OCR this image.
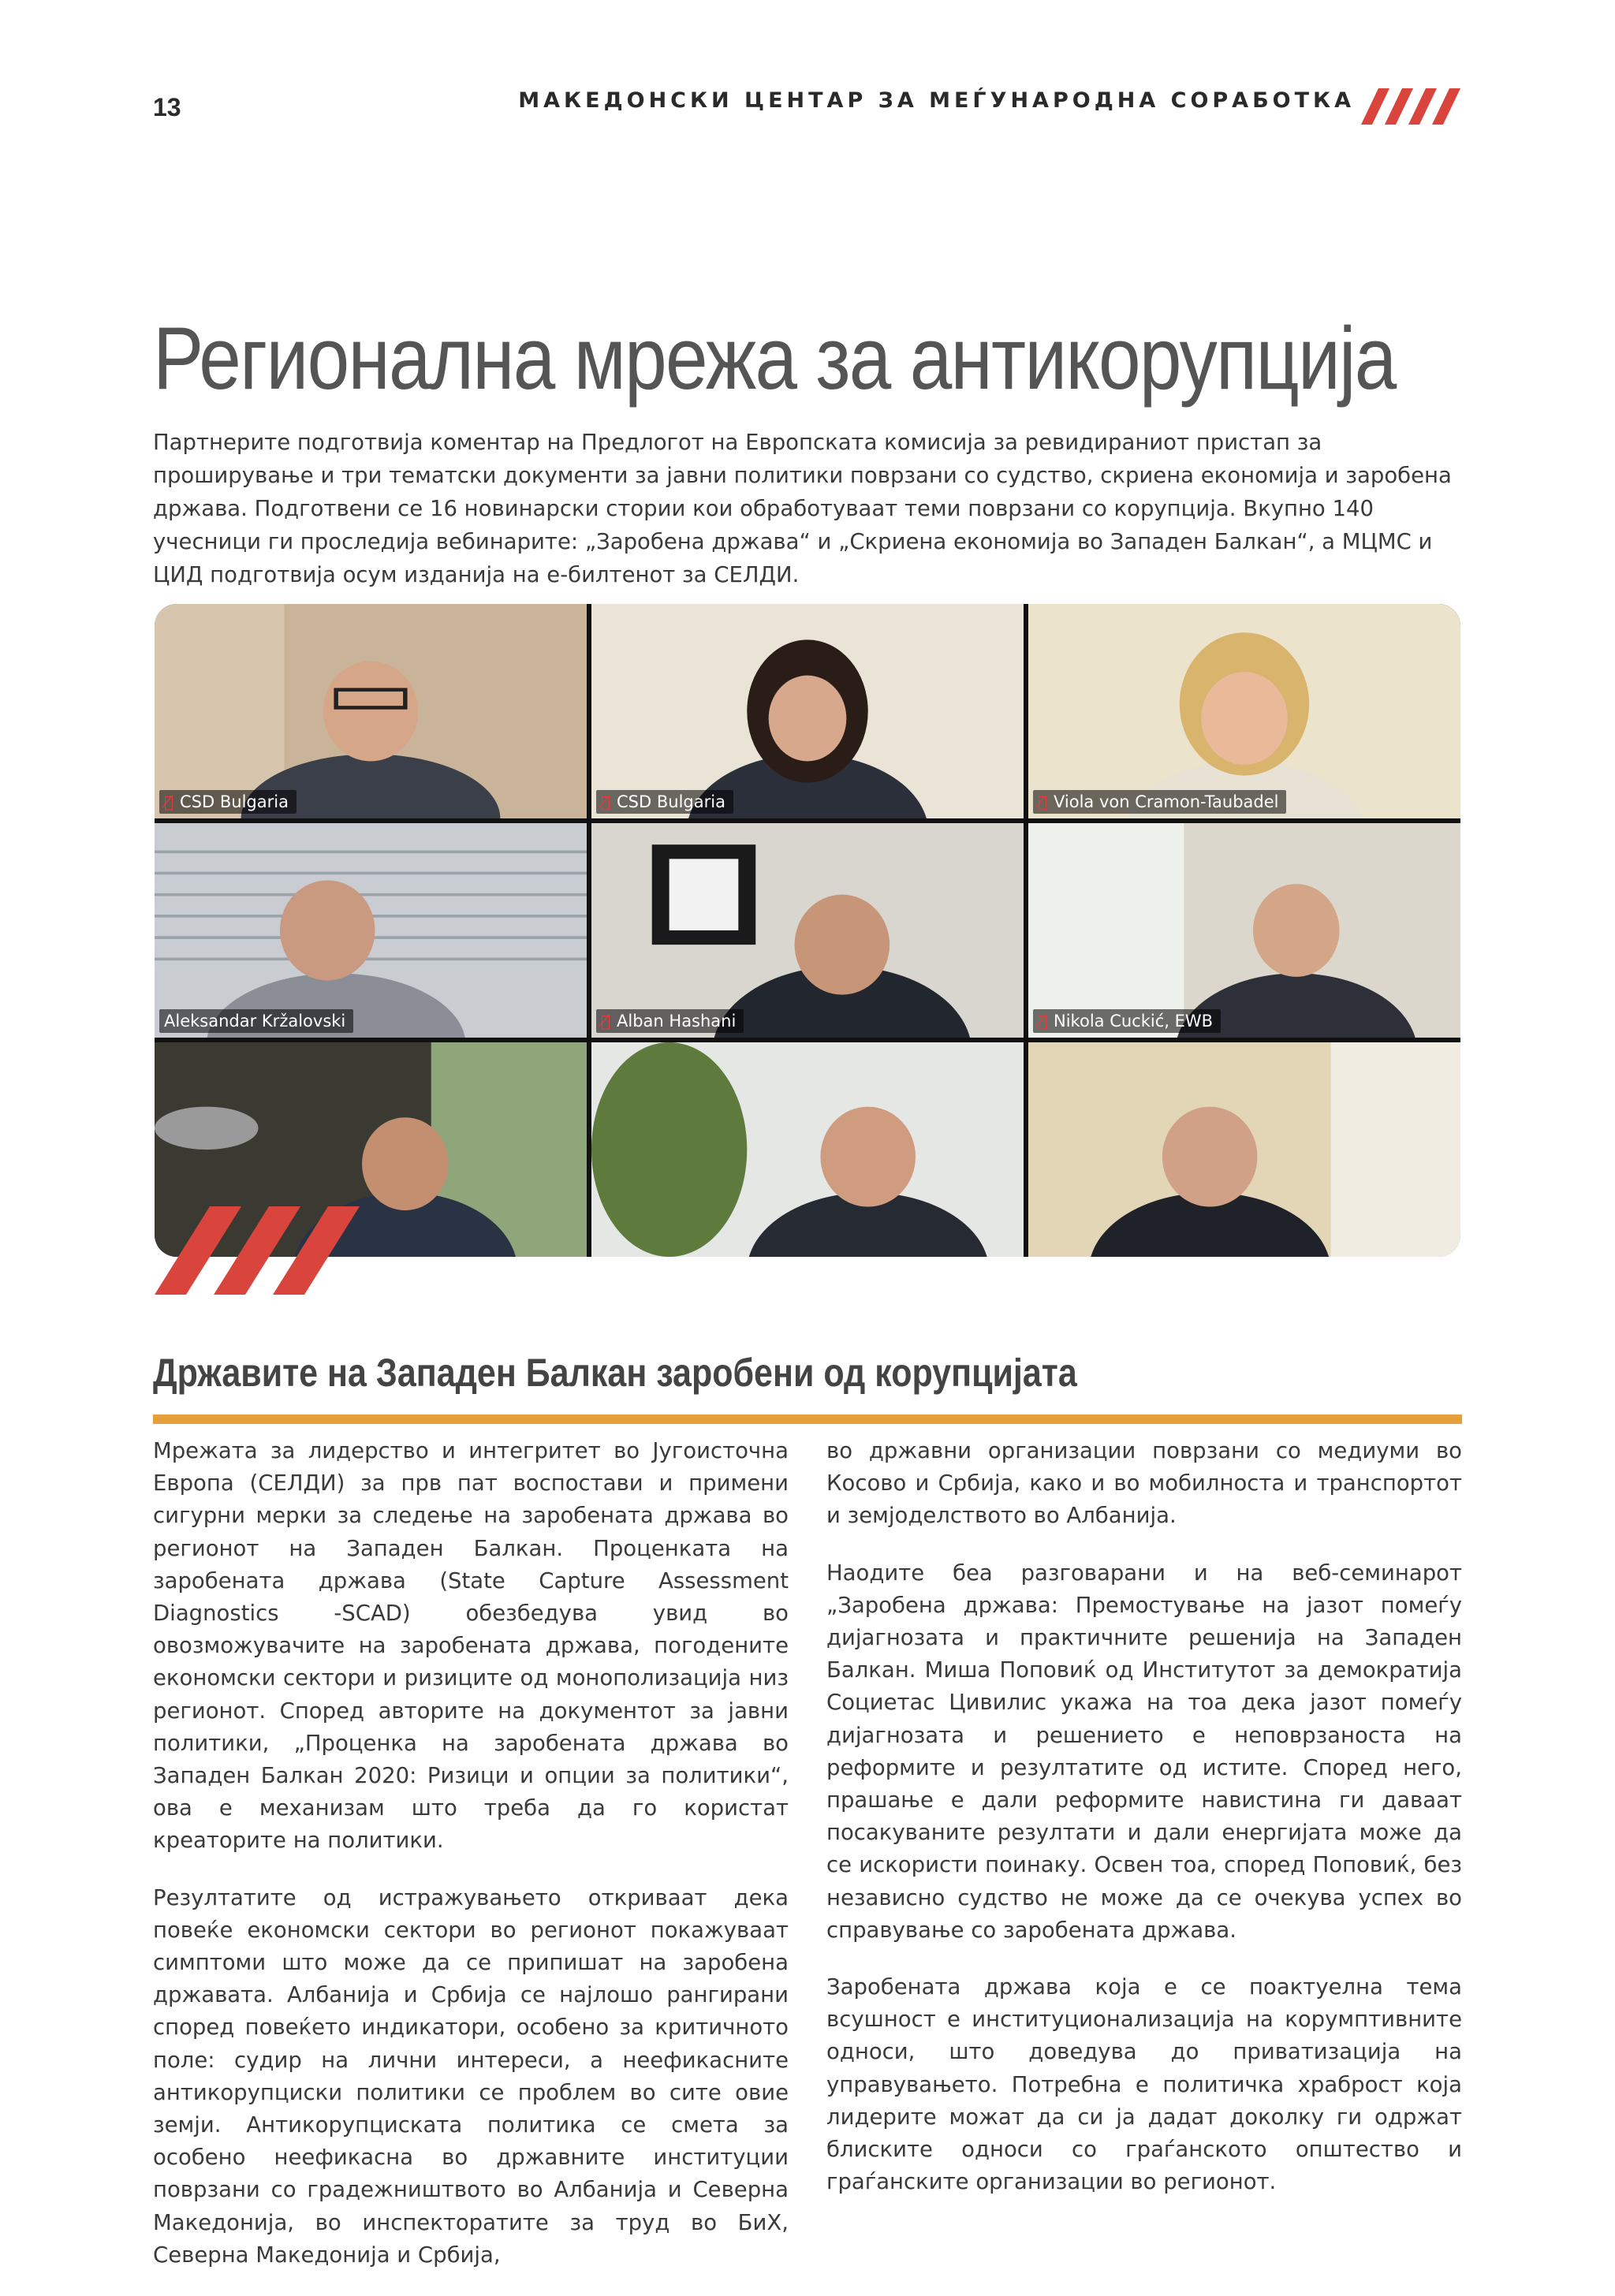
13	МАКЕДОНСКИ ЦЕНТАР ЗА МЕЃУНАРОДНА СОРАБОТКА
Регионална мрежа за антикорупција

Партнерите подготвија коментар на Предлогот на Европската комисија за ревидираниот пристап за проширување и три тематски документи за јавни политики поврзани со судство, скриена економија и заробена држава. Подготвени се 16 новинарски стории кои обработуваат теми поврзани со корупција. Вкупно 140 учесници ги проследија вебинарите: „Заробена држава“ и „Скриена економија во Западен Балкан“, а МЦМС и ЦИД подготвија осум изданија на е-билтенот за СЕЛДИ.

🎙̸ CSD Bulgaria	🎙̸ CSD Bulgaria	🎙̸ Viola von Cramon-Taubadel
Aleksandar Kržalovski	🎙̸ Alban Hashani	🎙̸ Nikola Cuckić, EWB
Државите на Западен Балкан заробени од корупцијата

Мрежата за лидерство и интегритет во Југоисточна Европа (СЕЛДИ) за прв пат воспостави и примени сигурни мерки за следење на заробената држава во регионот на Западен Балкан. Проценката на заробената држава (State Capture Assessment Diagnostics -SCAD) обезбедува увид во овозможувачите на заробената држава, погодените економски сектори и ризиците од монополизација низ регионот. Според авторите на документот за јавни политики, „Проценка на заробената држава во Западен Балкан 2020: Ризици и опции за политики“, ова е механизам што треба да го користат креаторите на политики.

Резултатите од истражувањето откриваат дека повеќе економски сектори во регионот покажуваат симптоми што може да се припишат на заробена државата. Албанија и Србија се најлошо рангирани според повеќето индикатори, особено за критичното поле: судир на лични интереси, а неефикасните антикорупциски политики се проблем во сите овие земји. Антикорупциската политика се смета за особено неефикасна во државните институции поврзани со градежништвото во Албанија и Северна Македонија, во инспекторатите за труд во БиХ, Северна Македонија и Србија,

во државни организации поврзани со медиуми во Косово и Србија, како и во мобилноста и транспортот и земјоделството во Албанија.

Наодите беа разговарани и на веб-семинарот „Заробена држава: Премостување на јазот помеѓу дијагнозата и практичните решенија на Западен Балкан. Миша Поповиќ од Институтот за демократија Социетас Цивилис укажа на тоа дека јазот помеѓу дијагнозата и решението е неповрзаноста на реформите и резултатите од истите. Според него, прашање е дали реформите навистина ги даваат посакуваните резултати и дали енергијата може да се искористи поинаку. Освен тоа, според Поповиќ, без независно судство не може да се очекува успех во справување со заробената држава.

Заробената држава која е се поактуелна тема всушност е институционализација на корумптивните односи, што доведува до приватизација на управувањето. Потребна е политичка храброст која лидерите можат да си ја дадат доколку ги одржат блиските односи со граѓанското општество и граѓанските организации во регионот.
